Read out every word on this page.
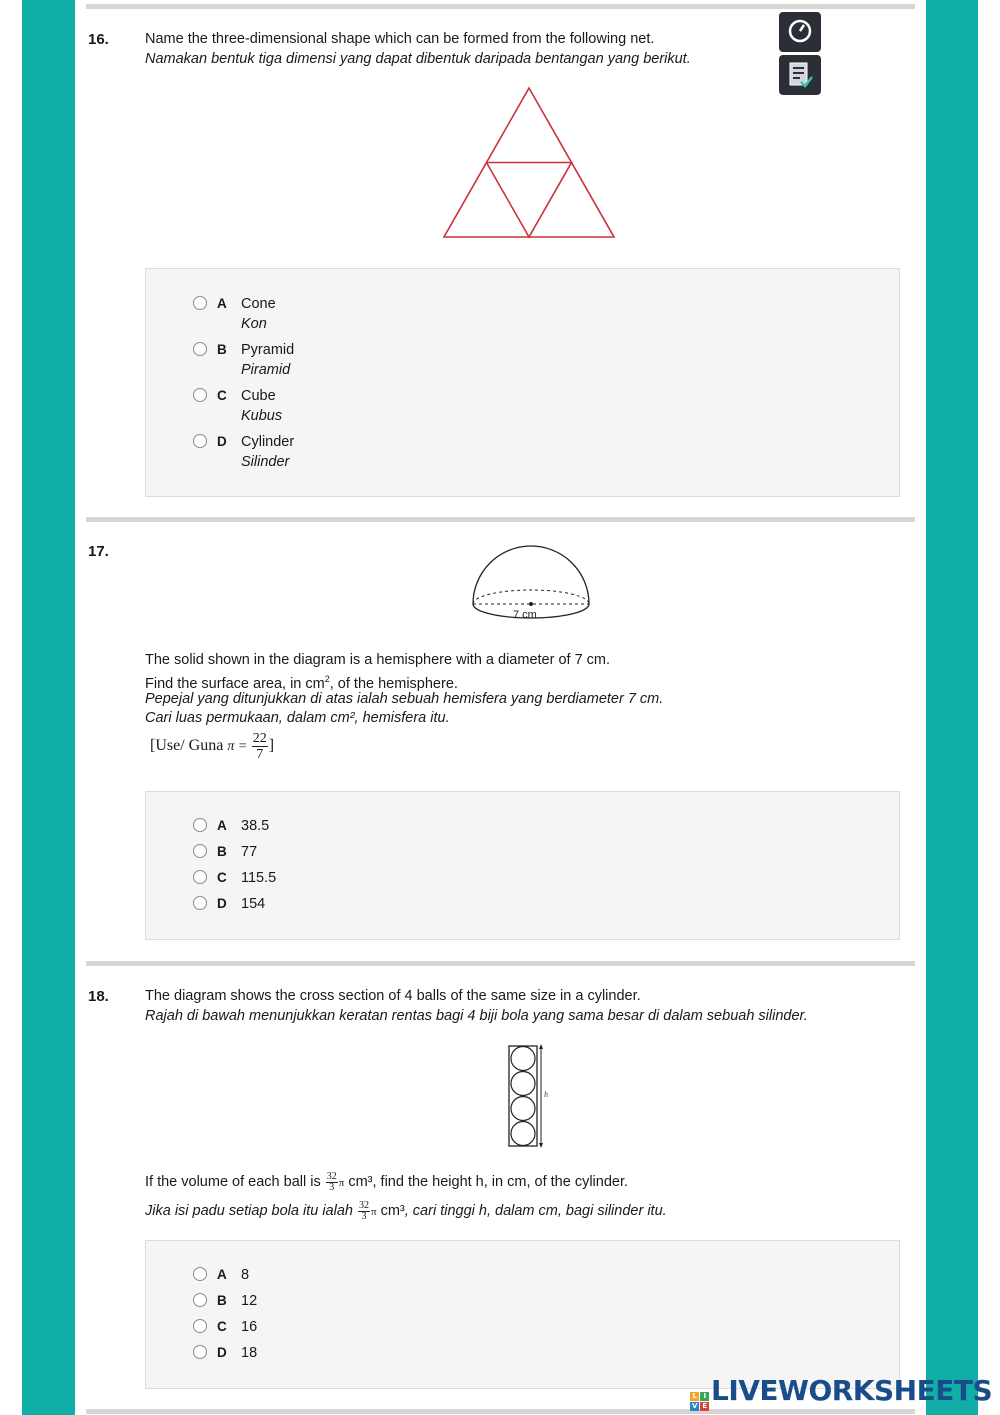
16. Name the three-dimensional shape which can be formed from the following net.
Namakan bentuk tiga dimensi yang dapat dibentuk daripada bentangan yang berikut.
A Cone
Kon
B Pyramid
Piramid
C Cube
Kubus
D Cylinder
Silinder
17.
7 cm
The solid shown in the diagram is a hemisphere with a diameter of 7 cm.
Find the surface area, in $cm^2$, of the hemisphere.
Pepejal yang ditunjukkan di atas ialah sebuah hemisfera yang berdiameter 7 cm.
Cari luas permukaan, dalam cm², hemisfera itu.
[Use/ Guna $\pi = \frac{22}{7}$ ]
A 38.5
B 77
C 115.5
D 154
18. The diagram shows the cross section of 4 balls of the same size in a cylinder.
Rajah di bawah menunjukkan keratan rentas bagi 4 biji bola yang sama besar di dalam sebuah silinder.
h
If the volume of each ball is $\frac{32}{3}$ π cm³, find the height h, in cm, of the cylinder.
Jika isi padu setiap bola itu ialah $\frac{32}{3}$ π cm³, cari tinggi h, dalam cm, bagi silinder itu.
A 8
B 12
C 16
D 18
L I
V E LIVEWORKSHEETS
